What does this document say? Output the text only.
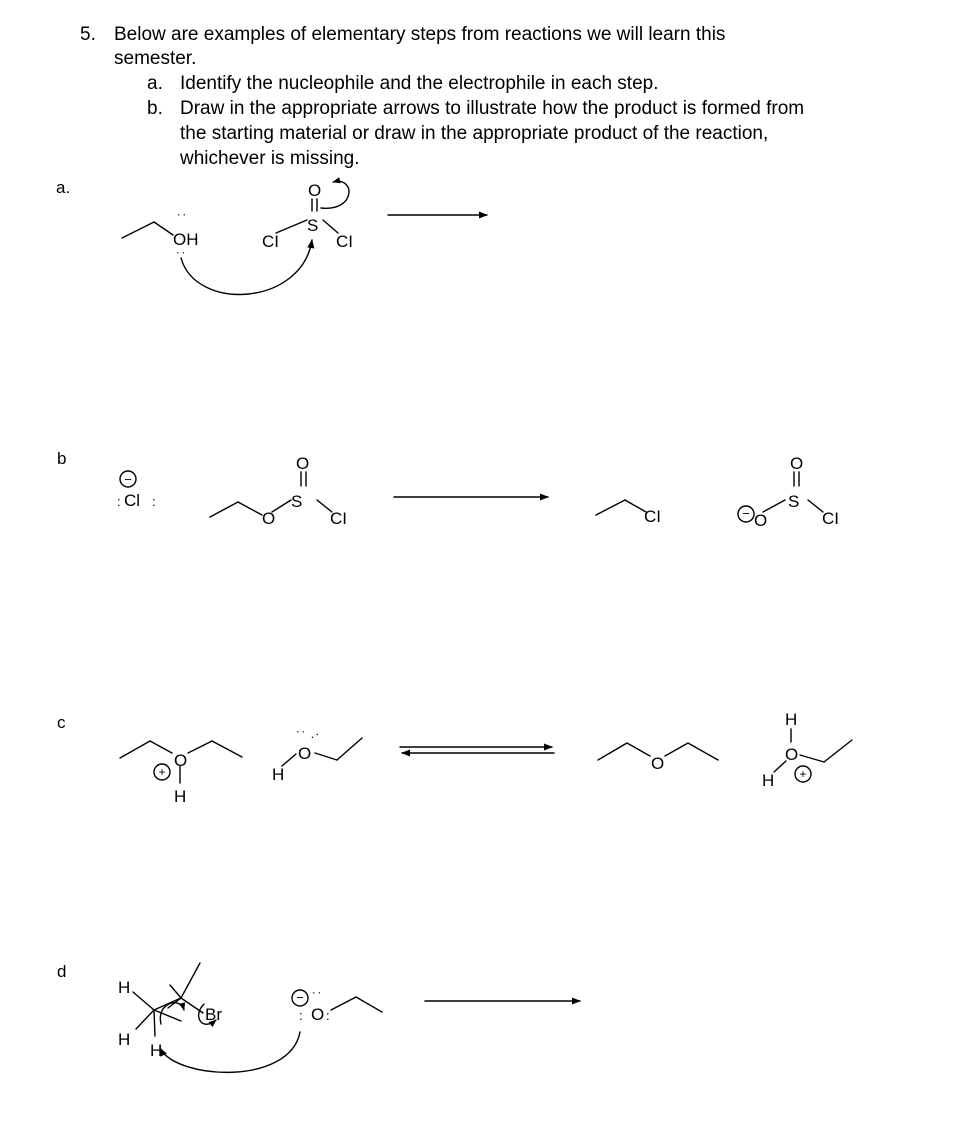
5. Below are examples of elementary steps from reactions we will learn this
semester.
a. Identify the nucleophile and the electrophile in each step.
b. Draw in the appropriate arrows to illustrate how the product is formed from
the starting material or draw in the appropriate product of the reaction,
whichever is missing.
a.
b
c
d
OH
:
:
CI
S
CI
O
−
Cl
: :
O
S
O
CI	CI	− O
S
O
CI
O
+
H
H
O
: :
O
H
O
H +
H
H
H
Br
−
O
:
: :
